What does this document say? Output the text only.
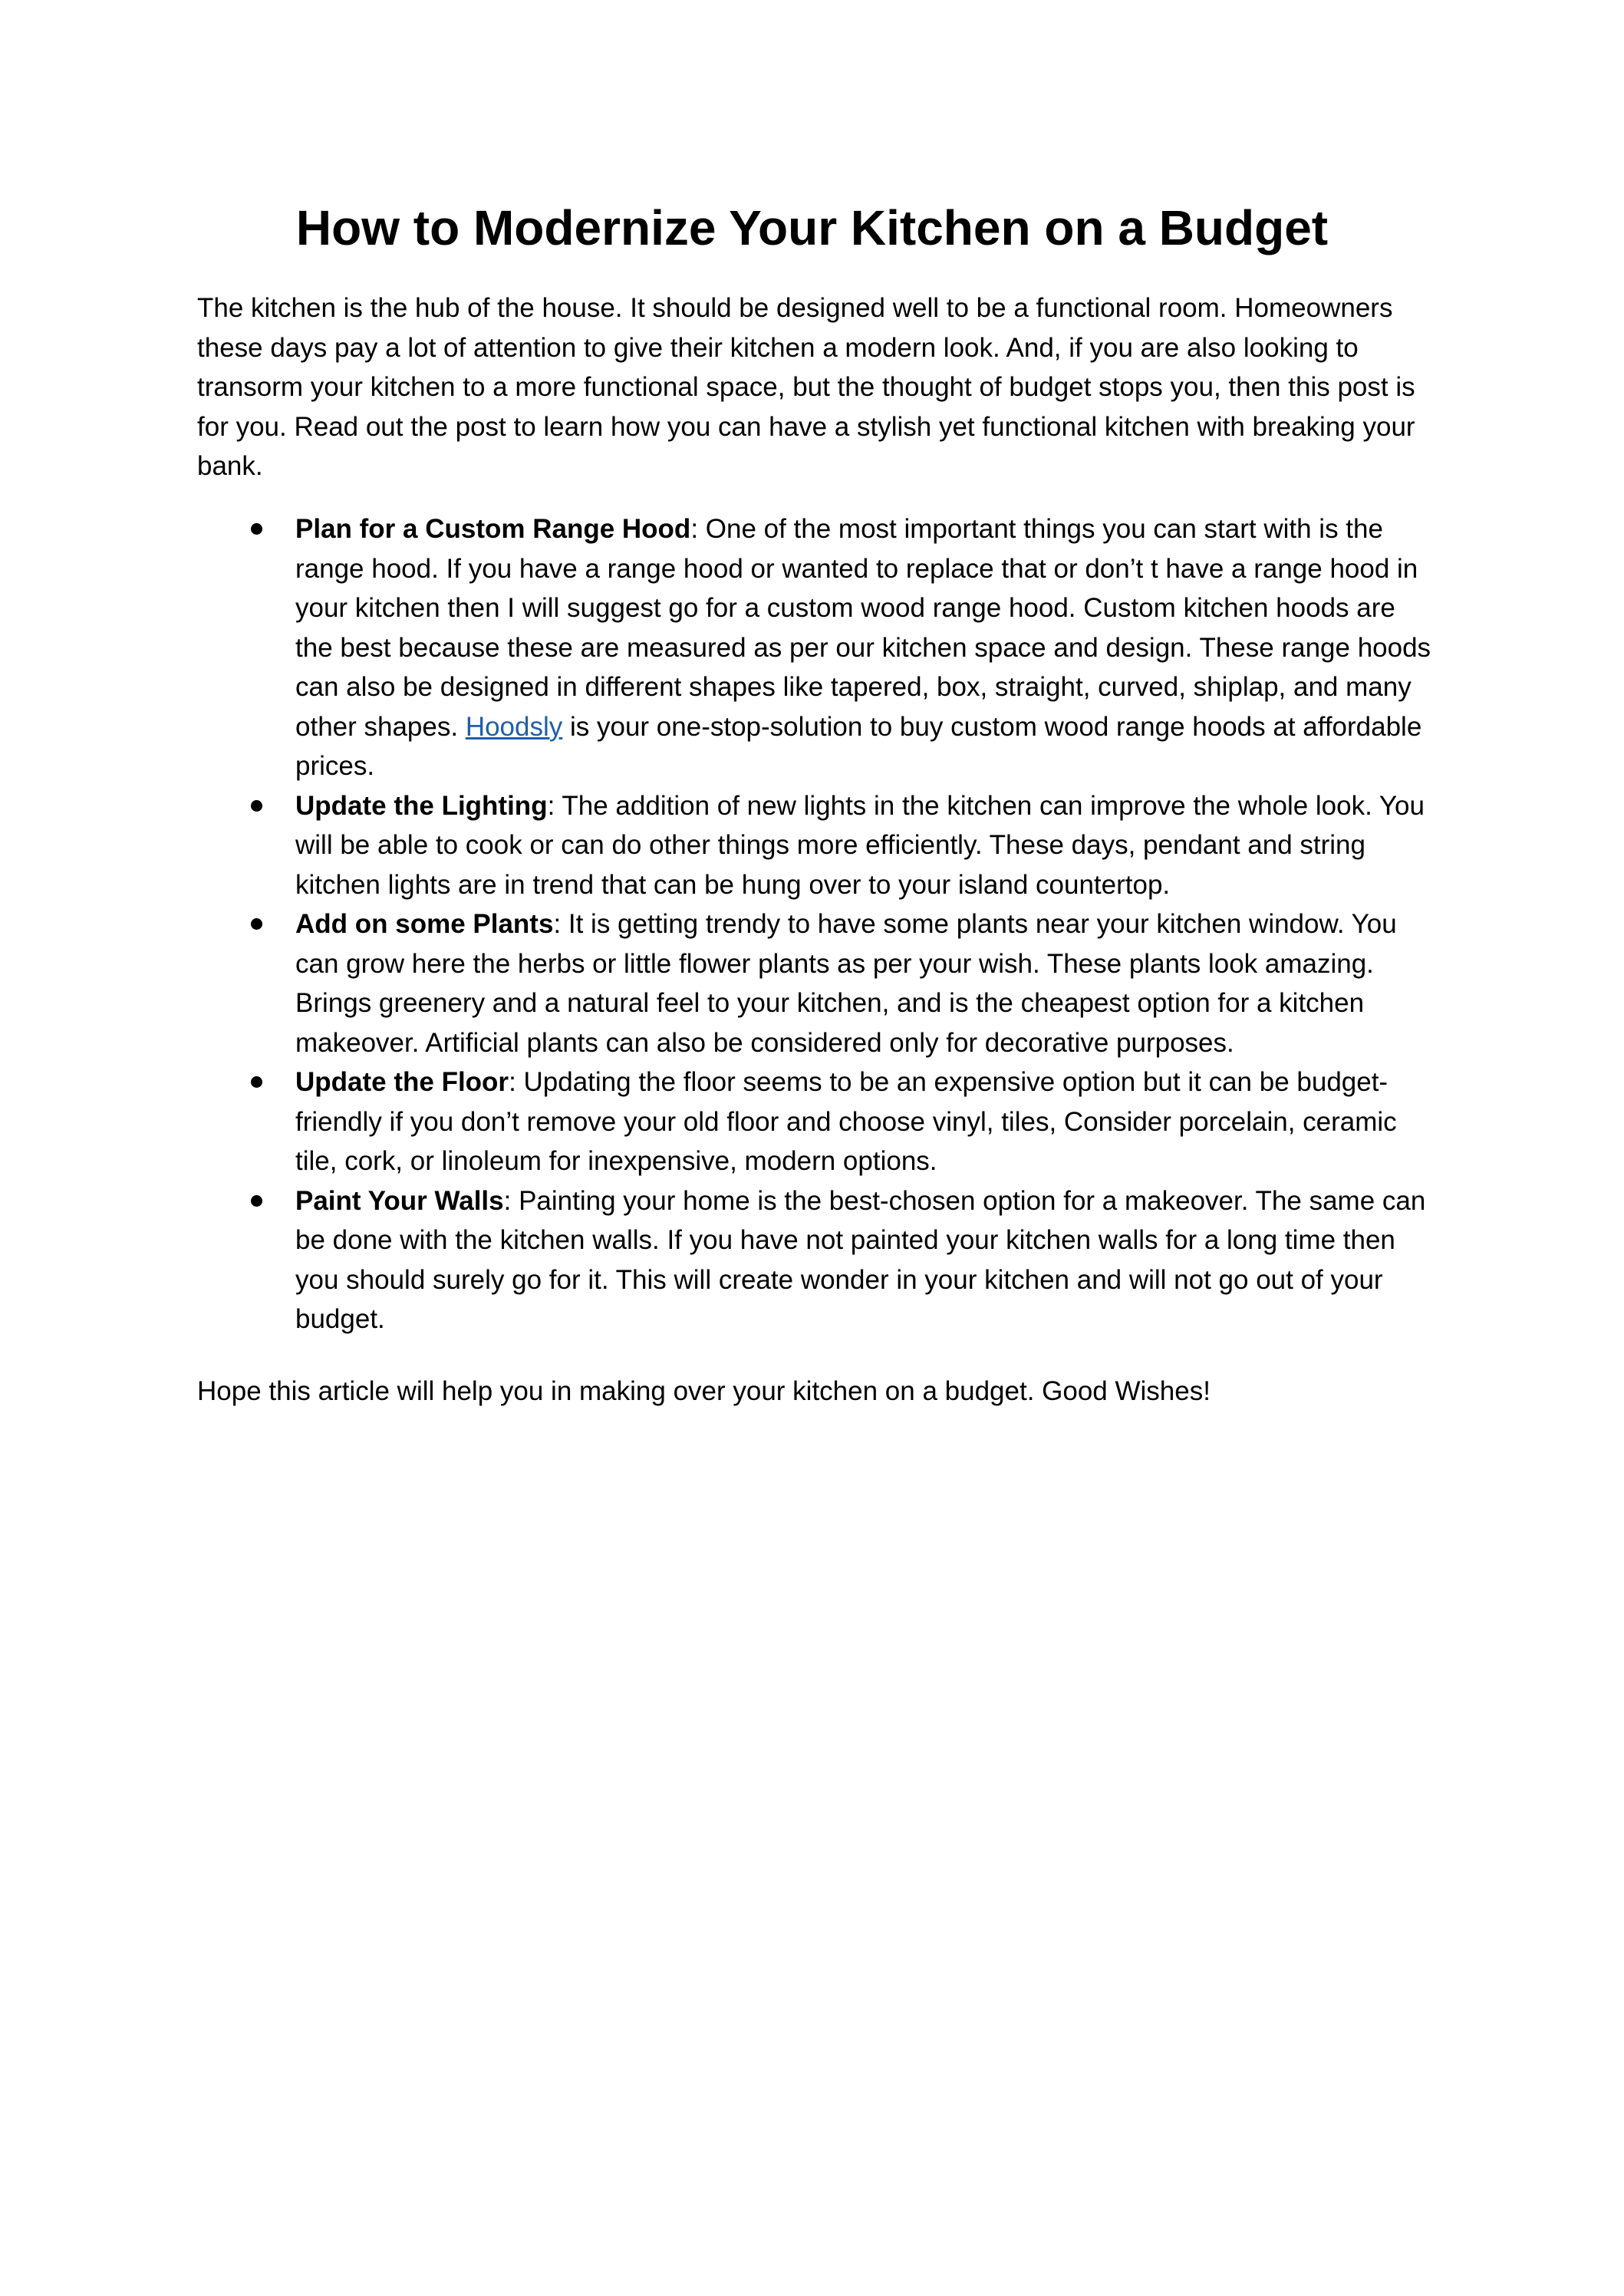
How to Modernize Your Kitchen on a Budget

The kitchen is the hub of the house. It should be designed well to be a functional room. Homeowners these days pay a lot of attention to give their kitchen a modern look. And, if you are also looking to transorm your kitchen to a more functional space, but the thought of budget stops you, then this post is for you. Read out the post to learn how you can have a stylish yet functional kitchen with breaking your bank.

Plan for a Custom Range Hood: One of the most important things you can start with is the range hood. If you have a range hood or wanted to replace that or don’t t have a range hood in your kitchen then I will suggest go for a custom wood range hood. Custom kitchen hoods are the best because these are measured as per our kitchen space and design. These range hoods can also be designed in different shapes like tapered, box, straight, curved, shiplap, and many other shapes. Hoodsly is your one-stop-solution to buy custom wood range hoods at affordable prices.
Update the Lighting: The addition of new lights in the kitchen can improve the whole look. You will be able to cook or can do other things more efficiently. These days, pendant and string kitchen lights are in trend that can be hung over to your island countertop.
Add on some Plants: It is getting trendy to have some plants near your kitchen window. You can grow here the herbs or little flower plants as per your wish. These plants look amazing. Brings greenery and a natural feel to your kitchen, and is the cheapest option for a kitchen makeover. Artificial plants can also be considered only for decorative purposes.
Update the Floor: Updating the floor seems to be an expensive option but it can be budget-friendly if you don’t remove your old floor and choose vinyl, tiles, Consider porcelain, ceramic tile, cork, or linoleum for inexpensive, modern options.
Paint Your Walls: Painting your home is the best-chosen option for a makeover. The same can be done with the kitchen walls. If you have not painted your kitchen walls for a long time then you should surely go for it. This will create wonder in your kitchen and will not go out of your budget.

Hope this article will help you in making over your kitchen on a budget. Good Wishes!
